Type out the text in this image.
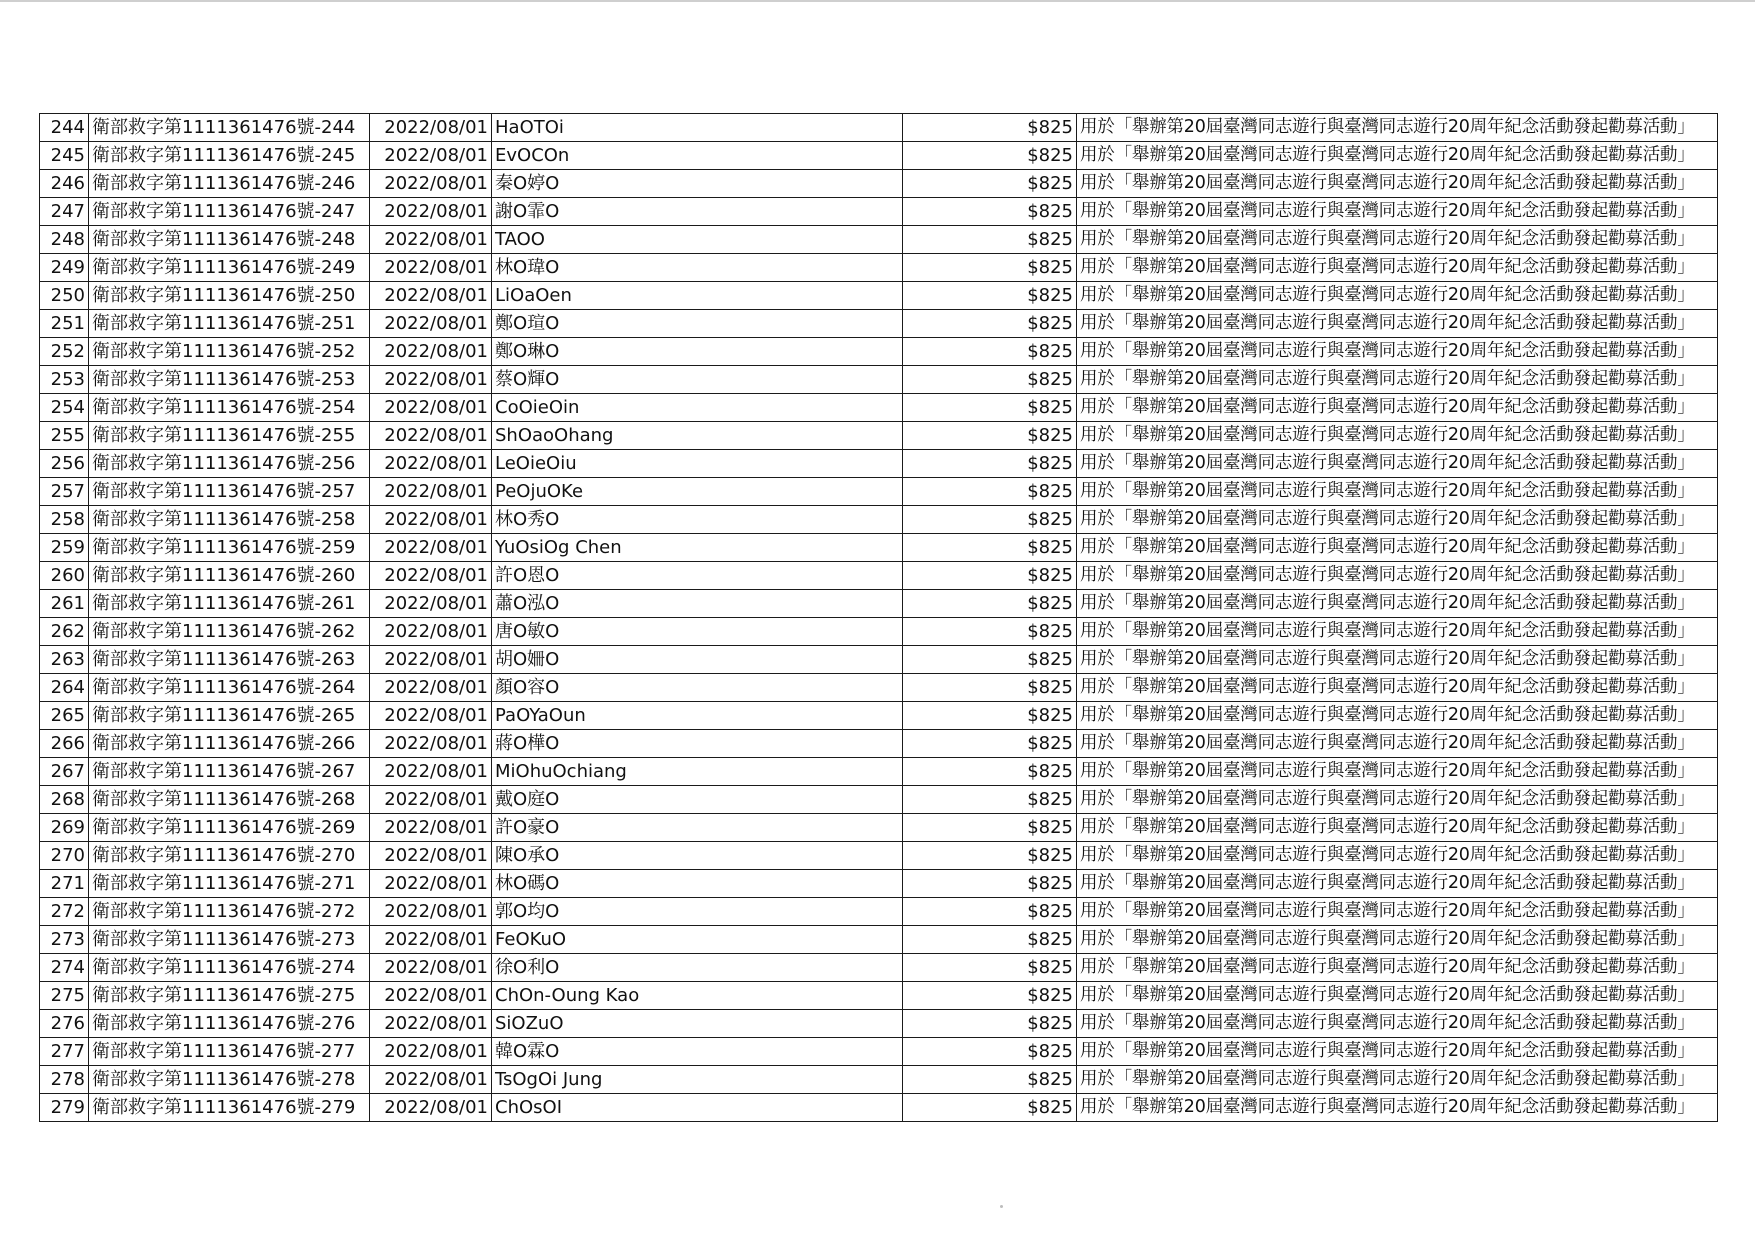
244	衛部救字第1111361476號-244	2022/08/01	HaOTOi	$825	用於「舉辦第20屆臺灣同志遊行與臺灣同志遊行20周年紀念活動發起勸募活動」
245	衛部救字第1111361476號-245	2022/08/01	EvOCOn	$825	用於「舉辦第20屆臺灣同志遊行與臺灣同志遊行20周年紀念活動發起勸募活動」
246	衛部救字第1111361476號-246	2022/08/01	秦O婷O	$825	用於「舉辦第20屆臺灣同志遊行與臺灣同志遊行20周年紀念活動發起勸募活動」
247	衛部救字第1111361476號-247	2022/08/01	謝O霏O	$825	用於「舉辦第20屆臺灣同志遊行與臺灣同志遊行20周年紀念活動發起勸募活動」
248	衛部救字第1111361476號-248	2022/08/01	TAOO	$825	用於「舉辦第20屆臺灣同志遊行與臺灣同志遊行20周年紀念活動發起勸募活動」
249	衛部救字第1111361476號-249	2022/08/01	林O瑋O	$825	用於「舉辦第20屆臺灣同志遊行與臺灣同志遊行20周年紀念活動發起勸募活動」
250	衛部救字第1111361476號-250	2022/08/01	LiOaOen	$825	用於「舉辦第20屆臺灣同志遊行與臺灣同志遊行20周年紀念活動發起勸募活動」
251	衛部救字第1111361476號-251	2022/08/01	鄭O瑄O	$825	用於「舉辦第20屆臺灣同志遊行與臺灣同志遊行20周年紀念活動發起勸募活動」
252	衛部救字第1111361476號-252	2022/08/01	鄭O琳O	$825	用於「舉辦第20屆臺灣同志遊行與臺灣同志遊行20周年紀念活動發起勸募活動」
253	衛部救字第1111361476號-253	2022/08/01	蔡O輝O	$825	用於「舉辦第20屆臺灣同志遊行與臺灣同志遊行20周年紀念活動發起勸募活動」
254	衛部救字第1111361476號-254	2022/08/01	CoOieOin	$825	用於「舉辦第20屆臺灣同志遊行與臺灣同志遊行20周年紀念活動發起勸募活動」
255	衛部救字第1111361476號-255	2022/08/01	ShOaoOhang	$825	用於「舉辦第20屆臺灣同志遊行與臺灣同志遊行20周年紀念活動發起勸募活動」
256	衛部救字第1111361476號-256	2022/08/01	LeOieOiu	$825	用於「舉辦第20屆臺灣同志遊行與臺灣同志遊行20周年紀念活動發起勸募活動」
257	衛部救字第1111361476號-257	2022/08/01	PeOjuOKe	$825	用於「舉辦第20屆臺灣同志遊行與臺灣同志遊行20周年紀念活動發起勸募活動」
258	衛部救字第1111361476號-258	2022/08/01	林O秀O	$825	用於「舉辦第20屆臺灣同志遊行與臺灣同志遊行20周年紀念活動發起勸募活動」
259	衛部救字第1111361476號-259	2022/08/01	YuOsiOg Chen	$825	用於「舉辦第20屆臺灣同志遊行與臺灣同志遊行20周年紀念活動發起勸募活動」
260	衛部救字第1111361476號-260	2022/08/01	許O恩O	$825	用於「舉辦第20屆臺灣同志遊行與臺灣同志遊行20周年紀念活動發起勸募活動」
261	衛部救字第1111361476號-261	2022/08/01	蕭O泓O	$825	用於「舉辦第20屆臺灣同志遊行與臺灣同志遊行20周年紀念活動發起勸募活動」
262	衛部救字第1111361476號-262	2022/08/01	唐O敏O	$825	用於「舉辦第20屆臺灣同志遊行與臺灣同志遊行20周年紀念活動發起勸募活動」
263	衛部救字第1111361476號-263	2022/08/01	胡O姍O	$825	用於「舉辦第20屆臺灣同志遊行與臺灣同志遊行20周年紀念活動發起勸募活動」
264	衛部救字第1111361476號-264	2022/08/01	顏O容O	$825	用於「舉辦第20屆臺灣同志遊行與臺灣同志遊行20周年紀念活動發起勸募活動」
265	衛部救字第1111361476號-265	2022/08/01	PaOYaOun	$825	用於「舉辦第20屆臺灣同志遊行與臺灣同志遊行20周年紀念活動發起勸募活動」
266	衛部救字第1111361476號-266	2022/08/01	蔣O樺O	$825	用於「舉辦第20屆臺灣同志遊行與臺灣同志遊行20周年紀念活動發起勸募活動」
267	衛部救字第1111361476號-267	2022/08/01	MiOhuOchiang	$825	用於「舉辦第20屆臺灣同志遊行與臺灣同志遊行20周年紀念活動發起勸募活動」
268	衛部救字第1111361476號-268	2022/08/01	戴O庭O	$825	用於「舉辦第20屆臺灣同志遊行與臺灣同志遊行20周年紀念活動發起勸募活動」
269	衛部救字第1111361476號-269	2022/08/01	許O豪O	$825	用於「舉辦第20屆臺灣同志遊行與臺灣同志遊行20周年紀念活動發起勸募活動」
270	衛部救字第1111361476號-270	2022/08/01	陳O承O	$825	用於「舉辦第20屆臺灣同志遊行與臺灣同志遊行20周年紀念活動發起勸募活動」
271	衛部救字第1111361476號-271	2022/08/01	林O碼O	$825	用於「舉辦第20屆臺灣同志遊行與臺灣同志遊行20周年紀念活動發起勸募活動」
272	衛部救字第1111361476號-272	2022/08/01	郭O均O	$825	用於「舉辦第20屆臺灣同志遊行與臺灣同志遊行20周年紀念活動發起勸募活動」
273	衛部救字第1111361476號-273	2022/08/01	FeOKuO	$825	用於「舉辦第20屆臺灣同志遊行與臺灣同志遊行20周年紀念活動發起勸募活動」
274	衛部救字第1111361476號-274	2022/08/01	徐O利O	$825	用於「舉辦第20屆臺灣同志遊行與臺灣同志遊行20周年紀念活動發起勸募活動」
275	衛部救字第1111361476號-275	2022/08/01	ChOn-Oung Kao	$825	用於「舉辦第20屆臺灣同志遊行與臺灣同志遊行20周年紀念活動發起勸募活動」
276	衛部救字第1111361476號-276	2022/08/01	SiOZuO	$825	用於「舉辦第20屆臺灣同志遊行與臺灣同志遊行20周年紀念活動發起勸募活動」
277	衛部救字第1111361476號-277	2022/08/01	韓O霖O	$825	用於「舉辦第20屆臺灣同志遊行與臺灣同志遊行20周年紀念活動發起勸募活動」
278	衛部救字第1111361476號-278	2022/08/01	TsOgOi Jung	$825	用於「舉辦第20屆臺灣同志遊行與臺灣同志遊行20周年紀念活動發起勸募活動」
279	衛部救字第1111361476號-279	2022/08/01	ChOsOI	$825	用於「舉辦第20屆臺灣同志遊行與臺灣同志遊行20周年紀念活動發起勸募活動」
